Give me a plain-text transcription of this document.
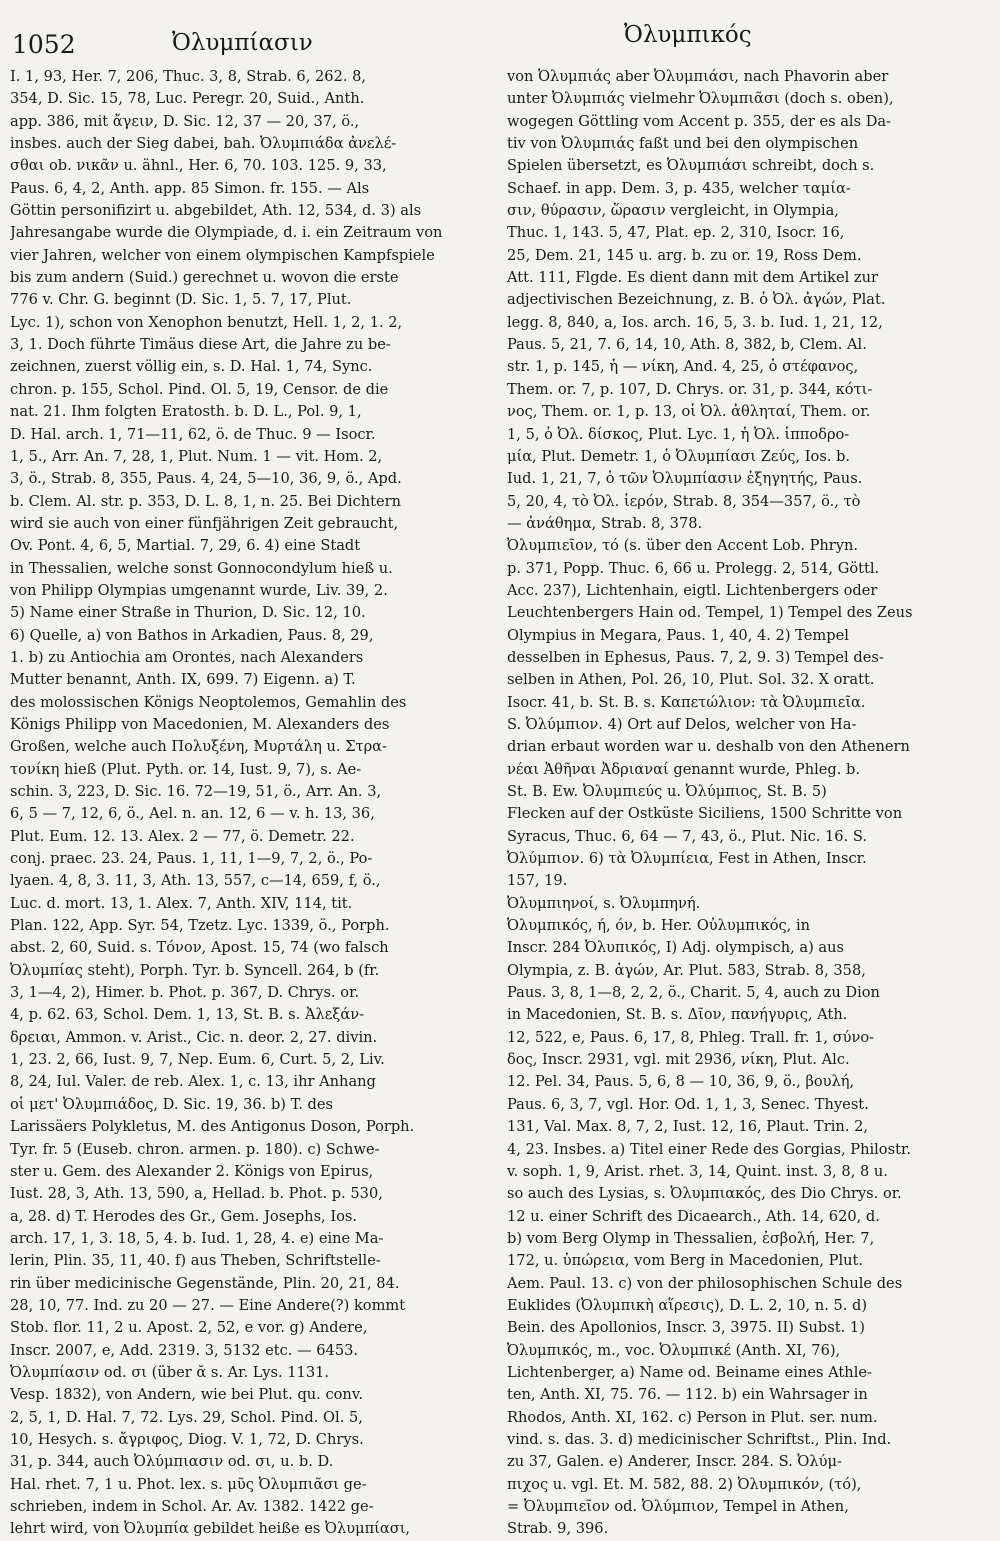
1052	Ὀλυμπίασιν	Ὀλυμπικός
I. 1, 93, Her. 7, 206, Thuc. 3, 8, Strab. 6, 262. 8,
354, D. Sic. 15, 78, Luc. Peregr. 20, Suid., Anth.
app. 386, mit ἄγειν, D. Sic. 12, 37 — 20, 37, ö.,
insbes. auch der Sieg dabei, bah. Ὀλυμπιάδα ἀνελέ-
σθαι ob. νικᾶν u. ähnl., Her. 6, 70. 103. 125. 9, 33,
Paus. 6, 4, 2, Anth. app. 85 Simon. fr. 155. — Als
Göttin personifizirt u. abgebildet, Ath. 12, 534, d. 3) als
Jahresangabe wurde die Olympiade, d. i. ein Zeitraum von
vier Jahren, welcher von einem olympischen Kampfspiele
bis zum andern (Suid.) gerechnet u. wovon die erste
776 v. Chr. G. beginnt (D. Sic. 1, 5. 7, 17, Plut.
Lyc. 1), schon von Xenophon benutzt, Hell. 1, 2, 1. 2,
3, 1. Doch führte Timäus diese Art, die Jahre zu be-
zeichnen, zuerst völlig ein, s. D. Hal. 1, 74, Sync.
chron. p. 155, Schol. Pind. Ol. 5, 19, Censor. de die
nat. 21. Ihm folgten Eratosth. b. D. L., Pol. 9, 1,
D. Hal. arch. 1, 71—11, 62, ö. de Thuc. 9 — Isocr.
1, 5., Arr. An. 7, 28, 1, Plut. Num. 1 — vit. Hom. 2,
3, ö., Strab. 8, 355, Paus. 4, 24, 5—10, 36, 9, ö., Apd.
b. Clem. Al. str. p. 353, D. L. 8, 1, n. 25. Bei Dichtern
wird sie auch von einer fünfjährigen Zeit gebraucht,
Ov. Pont. 4, 6, 5, Martial. 7, 29, 6. 4) eine Stadt
in Thessalien, welche sonst Gonnocondylum hieß u.
von Philipp Olympias umgenannt wurde, Liv. 39, 2.
5) Name einer Straße in Thurion, D. Sic. 12, 10.
6) Quelle, a) von Bathos in Arkadien, Paus. 8, 29,
1. b) zu Antiochia am Orontes, nach Alexanders
Mutter benannt, Anth. IX, 699. 7) Eigenn. a) T.
des molossischen Königs Neoptolemos, Gemahlin des
Königs Philipp von Macedonien, M. Alexanders des
Großen, welche auch Πολυξένη, Μυρτάλη u. Στρα-
τονίκη hieß (Plut. Pyth. or. 14, Iust. 9, 7), s. Ae-
schin. 3, 223, D. Sic. 16. 72—19, 51, ö., Arr. An. 3,
6, 5 — 7, 12, 6, ö., Ael. n. an. 12, 6 — v. h. 13, 36,
Plut. Eum. 12. 13. Alex. 2 — 77, ö. Demetr. 22.
conj. praec. 23. 24, Paus. 1, 11, 1—9, 7, 2, ö., Po-
lyaen. 4, 8, 3. 11, 3, Ath. 13, 557, c—14, 659, f, ö.,
Luc. d. mort. 13, 1. Alex. 7, Anth. XIV, 114, tit.
Plan. 122, App. Syr. 54, Tzetz. Lyc. 1339, ö., Porph.
abst. 2, 60, Suid. s. Τόνον, Apost. 15, 74 (wo falsch
Ὀλυμπίας steht), Porph. Tyr. b. Syncell. 264, b (fr.
3, 1—4, 2), Himer. b. Phot. p. 367, D. Chrys. or.
4, p. 62. 63, Schol. Dem. 1, 13, St. B. s. Ἀλεξάν-
δρειαι, Ammon. v. Arist., Cic. n. deor. 2, 27. divin.
1, 23. 2, 66, Iust. 9, 7, Nep. Eum. 6, Curt. 5, 2, Liv.
8, 24, Iul. Valer. de reb. Alex. 1, c. 13, ihr Anhang
οἱ μετ' Ὀλυμπιάδος, D. Sic. 19, 36. b) T. des
Larissäers Polykletus, M. des Antigonus Doson, Porph.
Tyr. fr. 5 (Euseb. chron. armen. p. 180). c) Schwe-
ster u. Gem. des Alexander 2. Königs von Epirus,
Iust. 28, 3, Ath. 13, 590, a, Hellad. b. Phot. p. 530,
a, 28. d) T. Herodes des Gr., Gem. Josephs, Ios.
arch. 17, 1, 3. 18, 5, 4. b. Iud. 1, 28, 4. e) eine Ma-
lerin, Plin. 35, 11, 40. f) aus Theben, Schriftstelle-
rin über medicinische Gegenstände, Plin. 20, 21, 84.
28, 10, 77. Ind. zu 20 — 27. — Eine Andere(?) kommt
Stob. flor. 11, 2 u. Apost. 2, 52, e vor. g) Andere,
Inscr. 2007, e, Add. 2319. 3, 5132 etc. — 6453.
Ὀλυμπίασιν od. σι (über ᾰ s. Ar. Lys. 1131.
Vesp. 1832), von Andern, wie bei Plut. qu. conv.
2, 5, 1, D. Hal. 7, 72. Lys. 29, Schol. Pind. Ol. 5,
10, Hesych. s. ἄγριφος, Diog. V. 1, 72, D. Chrys.
31, p. 344, auch Ὀλύμπιασιν od. σι, u. b. D.
Hal. rhet. 7, 1 u. Phot. lex. s. μῦς Ὀλυμπιᾶσι ge-
schrieben, indem in Schol. Ar. Av. 1382. 1422 ge-
lehrt wird, von Ὀλυμπία gebildet heiße es Ὀλυμπίασι,
von Ὀλυμπιάς aber Ὀλυμπιάσι, nach Phavorin aber
unter Ὀλυμπιάς vielmehr Ὀλυμπιᾶσι (doch s. oben),
wogegen Göttling vom Accent p. 355, der es als Da-
tiv von Ὀλυμπιάς faßt und bei den olympischen
Spielen übersetzt, es Ὀλυμπιάσι schreibt, doch s.
Schaef. in app. Dem. 3, p. 435, welcher ταμία-
σιν, θύρασιν, ὥρασιν vergleicht, in Olympia,
Thuc. 1, 143. 5, 47, Plat. ep. 2, 310, Isocr. 16,
25, Dem. 21, 145 u. arg. b. zu or. 19, Ross Dem.
Att. 111, Flgde. Es dient dann mit dem Artikel zur
adjectivischen Bezeichnung, z. B. ὁ Ὀλ. ἀγών, Plat.
legg. 8, 840, a, Ios. arch. 16, 5, 3. b. Iud. 1, 21, 12,
Paus. 5, 21, 7. 6, 14, 10, Ath. 8, 382, b, Clem. Al.
str. 1, p. 145, ἡ — νίκη, And. 4, 25, ὁ στέφανος,
Them. or. 7, p. 107, D. Chrys. or. 31, p. 344, κότι-
νος, Them. or. 1, p. 13, οἱ Ὀλ. ἀθληταί, Them. or.
1, 5, ὁ Ὀλ. δίσκος, Plut. Lyc. 1, ἡ Ὀλ. ἱπποδρο-
μία, Plut. Demetr. 1, ὁ Ὀλυμπίασι Ζεύς, Ios. b.
Iud. 1, 21, 7, ὁ τῶν Ὀλυμπίασιν ἐξηγητής, Paus.
5, 20, 4, τὸ Ὀλ. ἱερόν, Strab. 8, 354—357, ö., τὸ
— ἀνάθημα, Strab. 8, 378.
Ὀλυμπιεῖον, τό (s. über den Accent Lob. Phryn.
p. 371, Popp. Thuc. 6, 66 u. Prolegg. 2, 514, Göttl.
Acc. 237), Lichtenhain, eigtl. Lichtenbergers oder
Leuchtenbergers Hain od. Tempel, 1) Tempel des Zeus
Olympius in Megara, Paus. 1, 40, 4. 2) Tempel
desselben in Ephesus, Paus. 7, 2, 9. 3) Tempel des-
selben in Athen, Pol. 26, 10, Plut. Sol. 32. X oratt.
Isocr. 41, b. St. B. s. Καπετώλιον: τὰ Ὀλυμπιεῖα.
S. Ὀλύμπιον. 4) Ort auf Delos, welcher von Ha-
drian erbaut worden war u. deshalb von den Athenern
νέαι Ἀθῆναι Ἀδριαναί genannt wurde, Phleg. b.
St. B. Ew. Ὀλυμπιεύς u. Ὀλύμπιος, St. B. 5)
Flecken auf der Ostküste Siciliens, 1500 Schritte von
Syracus, Thuc. 6, 64 — 7, 43, ö., Plut. Nic. 16. S.
Ὀλύμπιον. 6) τὰ Ὀλυμπίεια, Fest in Athen, Inscr.
157, 19.
Ὀλυμπιηνοί, s. Ὀλυμπηνή.
Ὀλυμπικός, ή, όν, b. Her. Οὐλυμπικός, in
Inscr. 284 Ὀλυπικός, I) Adj. olympisch, a) aus
Olympia, z. B. ἀγών, Ar. Plut. 583, Strab. 8, 358,
Paus. 3, 8, 1—8, 2, 2, ö., Charit. 5, 4, auch zu Dion
in Macedonien, St. B. s. Δῖον, πανήγυρις, Ath.
12, 522, e, Paus. 6, 17, 8, Phleg. Trall. fr. 1, σύνο-
δος, Inscr. 2931, vgl. mit 2936, νίκη, Plut. Alc.
12. Pel. 34, Paus. 5, 6, 8 — 10, 36, 9, ö., βουλή,
Paus. 6, 3, 7, vgl. Hor. Od. 1, 1, 3, Senec. Thyest.
131, Val. Max. 8, 7, 2, Iust. 12, 16, Plaut. Trin. 2,
4, 23. Insbes. a) Titel einer Rede des Gorgias, Philostr.
v. soph. 1, 9, Arist. rhet. 3, 14, Quint. inst. 3, 8, 8 u.
so auch des Lysias, s. Ὀλυμπιακός, des Dio Chrys. or.
12 u. einer Schrift des Dicaearch., Ath. 14, 620, d.
b) vom Berg Olymp in Thessalien, ἐσβολή, Her. 7,
172, u. ὑπώρεια, vom Berg in Macedonien, Plut.
Aem. Paul. 13. c) von der philosophischen Schule des
Euklides (Ὀλυμπικὴ αἵρεσις), D. L. 2, 10, n. 5. d)
Bein. des Apollonios, Inscr. 3, 3975. II) Subst. 1)
Ὀλυμπικός, m., voc. Ὀλυμπικέ (Anth. XI, 76),
Lichtenberger, a) Name od. Beiname eines Athle-
ten, Anth. XI, 75. 76. — 112. b) ein Wahrsager in
Rhodos, Anth. XI, 162. c) Person in Plut. ser. num.
vind. s. das. 3. d) medicinischer Schriftst., Plin. Ind.
zu 37, Galen. e) Anderer, Inscr. 284. S. Ὀλύμ-
πιχος u. vgl. Et. M. 582, 88. 2) Ὀλυμπικόν, (τό),
= Ὀλυμπιεῖον od. Ὀλύμπιον, Tempel in Athen,
Strab. 9, 396.
